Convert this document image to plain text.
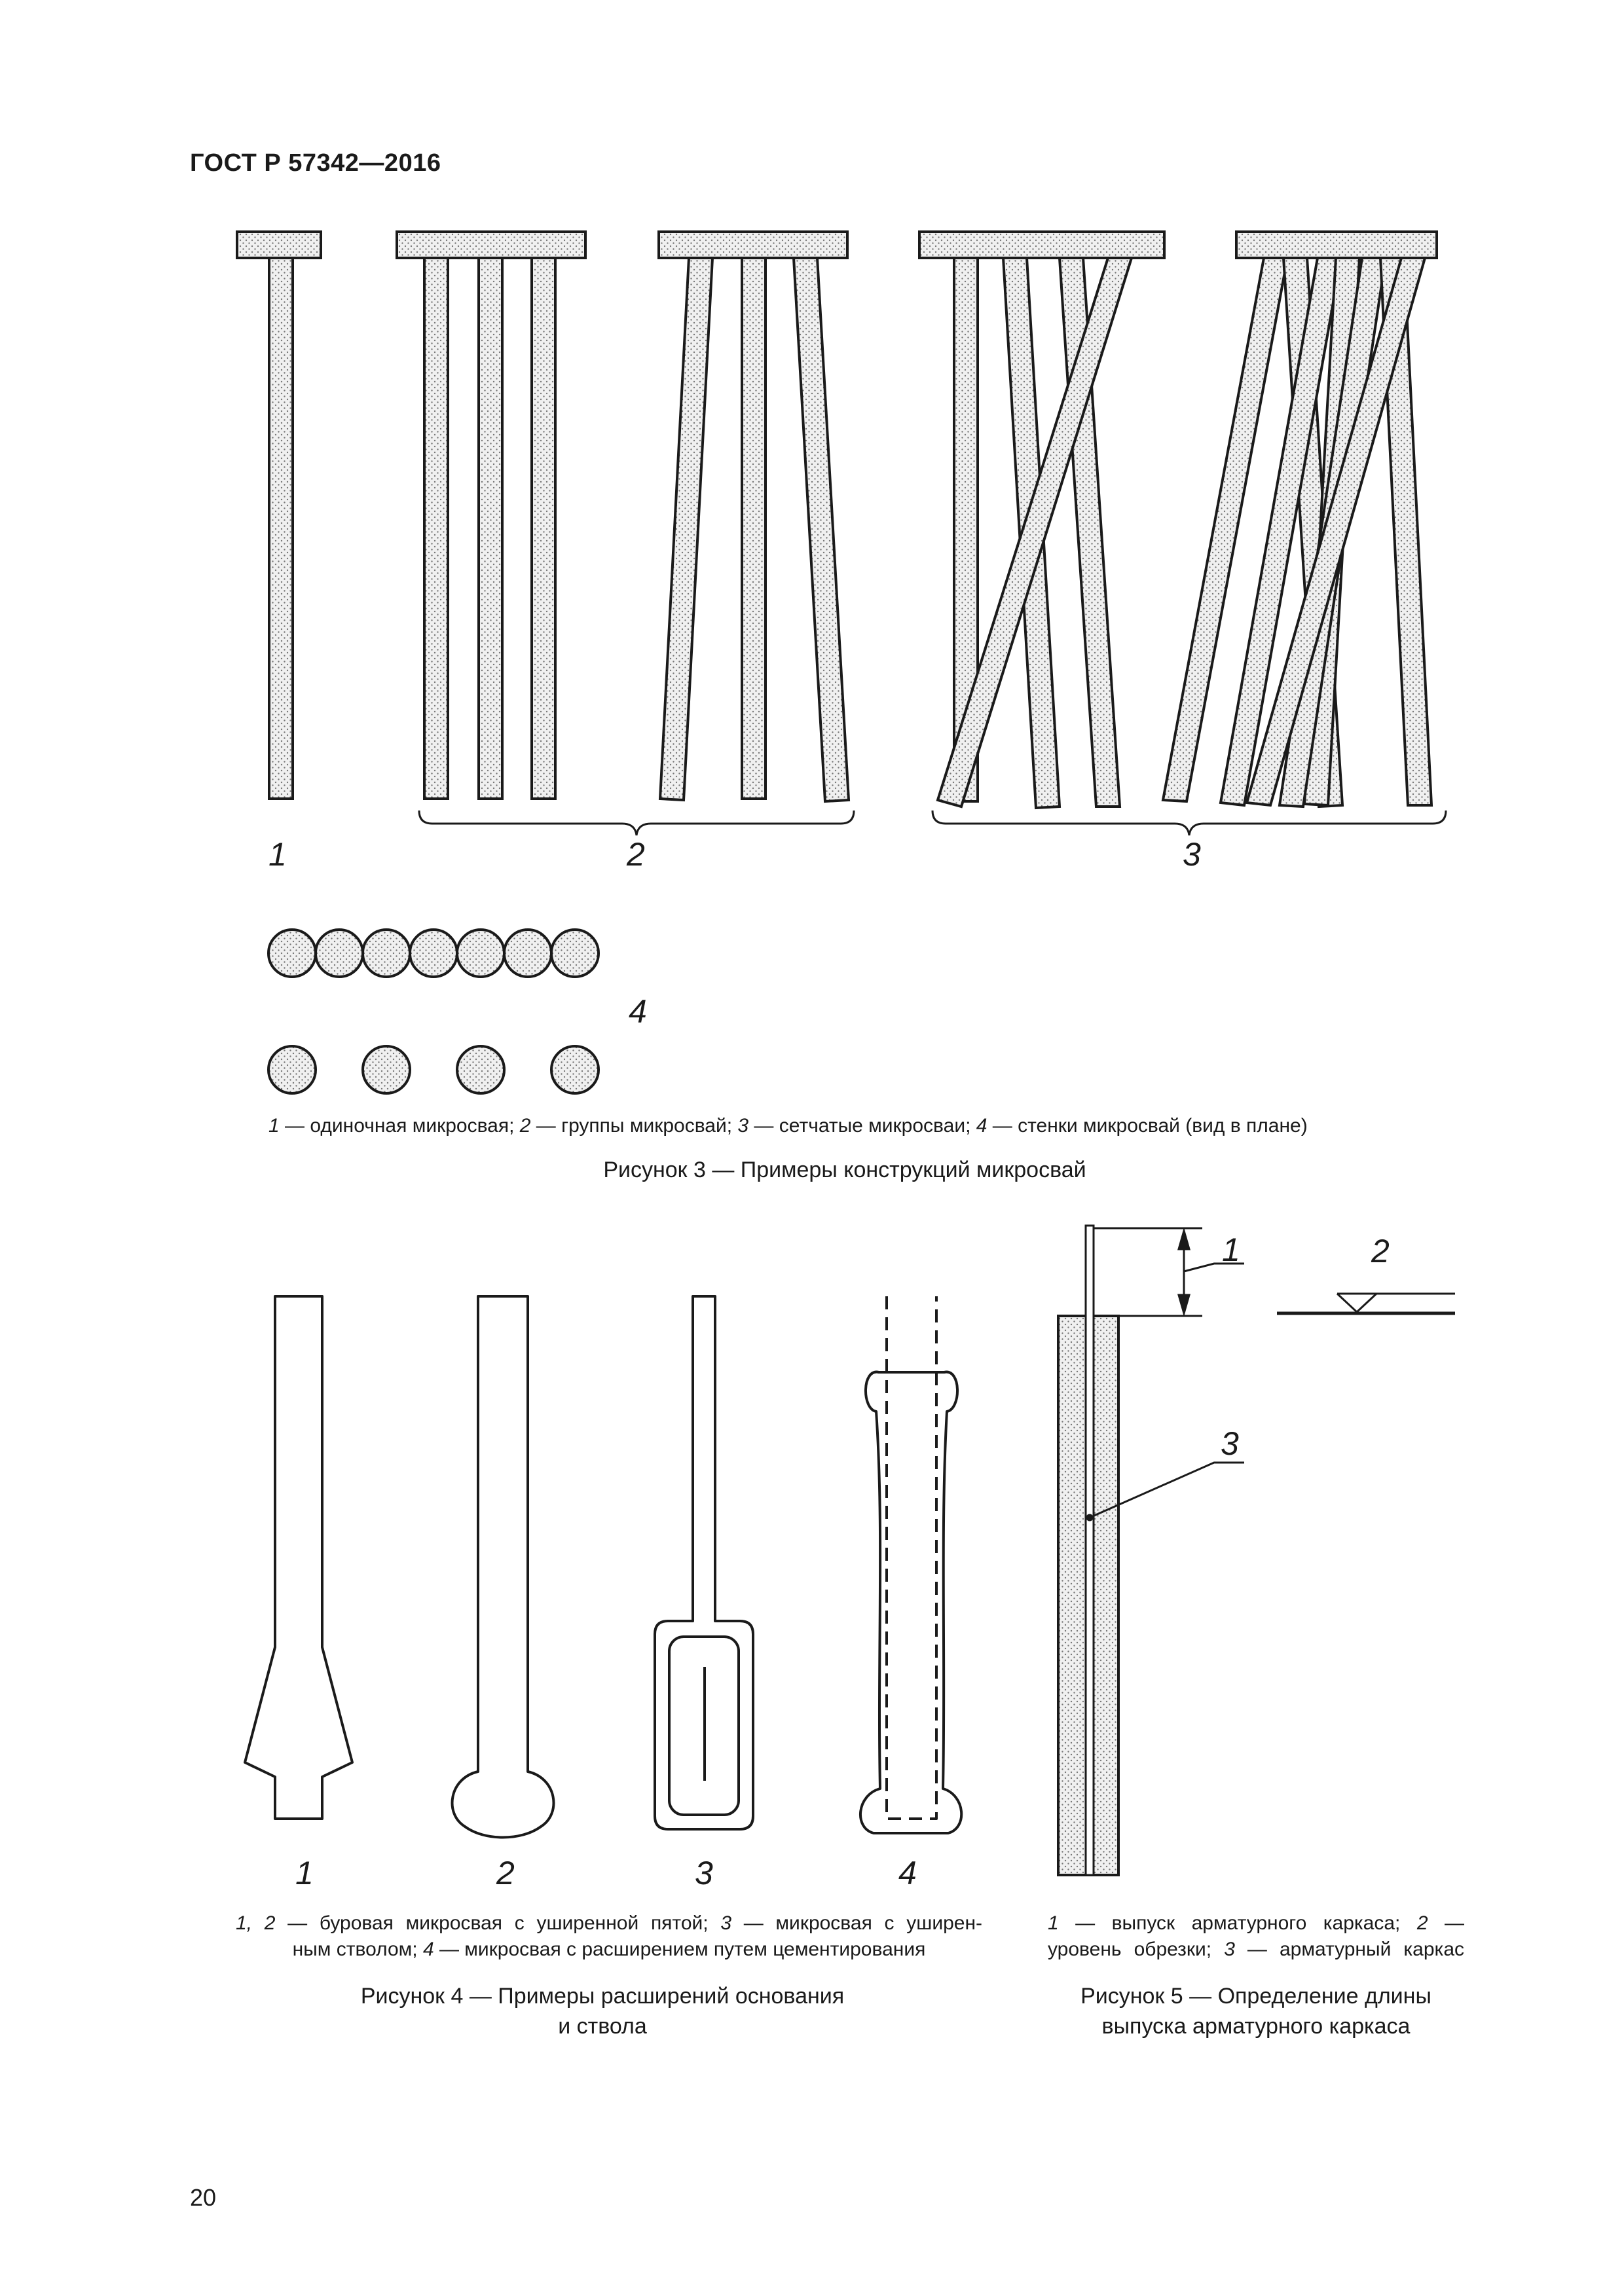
ГОСТ Р 57342—2016
1	2	3
4
1	2	3	4
1	2
3
1 — одиночная микросвая; 2 — группы микросвай; 3 — сетчатые микросваи; 4 — стенки микросвай (вид в плане)
Рисунок 3 — Примеры конструкций микросвай
1, 2 — буровая микросвая с уширенной пятой; 3 — микросвая с уширен-
ным стволом; 4 — микросвая с расширением путем цементирования
Рисунок 4 — Примеры расширений основания
и ствола
1 — выпуск арматурного каркаса; 2 —
уровень обрезки; 3 — арматурный каркас
Рисунок 5 — Определение длины
выпуска арматурного каркаса
20
